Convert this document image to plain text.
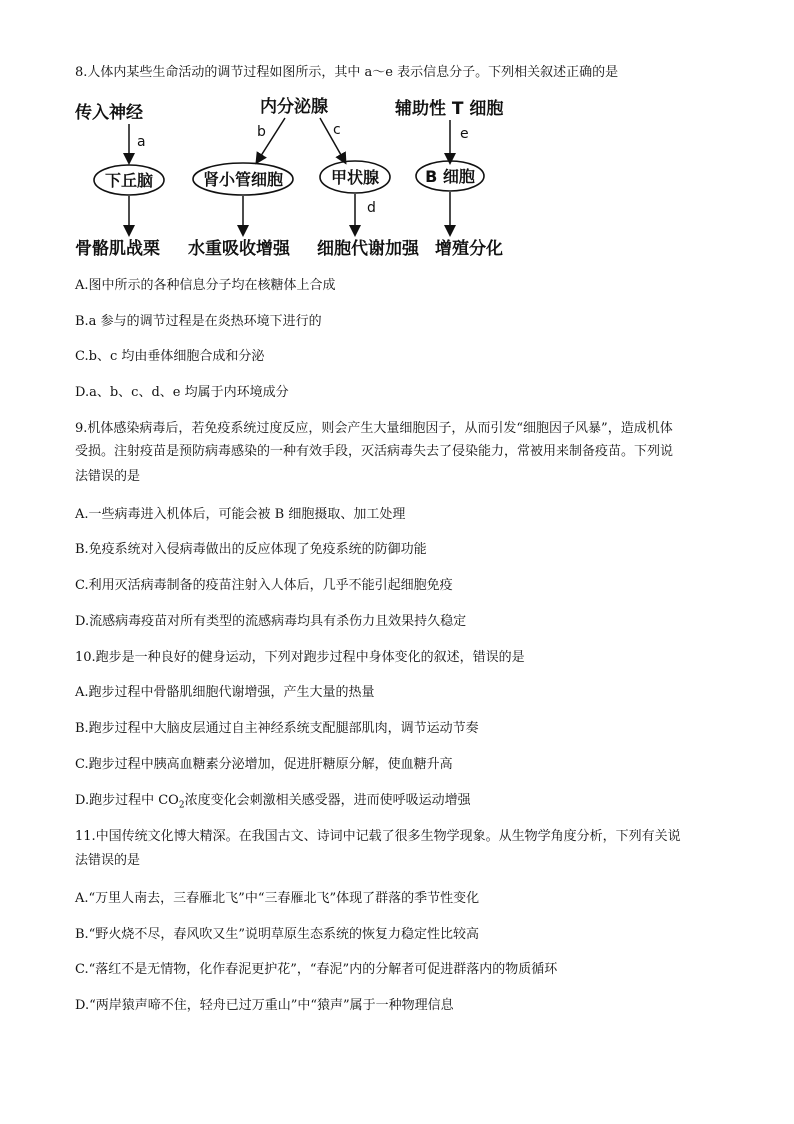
8.人体内某些生命活动的调节过程如图所示，其中 a～e 表示信息分子。下列相关叙述正确的是
传入神经	内分泌腺	辅助性 T 细胞
a
b	c	e
下丘脑	肾小管细胞	甲状腺	B 细胞
d
骨骼肌战栗 水重吸收增强 细胞代谢加强 增殖分化
A.图中所示的各种信息分子均在核糖体上合成
B.a 参与的调节过程是在炎热环境下进行的
C.b、c 均由垂体细胞合成和分泌
D.a、b、c、d、e 均属于内环境成分
9.机体感染病毒后，若免疫系统过度反应，则会产生大量细胞因子，从而引发“细胞因子风暴”，造成机体
受损。注射疫苗是预防病毒感染的一种有效手段，灭活病毒失去了侵染能力，常被用来制备疫苗。下列说
法错误的是
A.一些病毒进入机体后，可能会被 B 细胞摄取、加工处理
B.免疫系统对入侵病毒做出的反应体现了免疫系统的防御功能
C.利用灭活病毒制备的疫苗注射入人体后，几乎不能引起细胞免疫
D.流感病毒疫苗对所有类型的流感病毒均具有杀伤力且效果持久稳定
10.跑步是一种良好的健身运动，下列对跑步过程中身体变化的叙述，错误的是
A.跑步过程中骨骼肌细胞代谢增强，产生大量的热量
B.跑步过程中大脑皮层通过自主神经系统支配腿部肌肉，调节运动节奏
C.跑步过程中胰高血糖素分泌增加，促进肝糖原分解，使血糖升高
D.跑步过程中 $CO_2$浓度变化会刺激相关感受器，进而使呼吸运动增强
11.中国传统文化博大精深。在我国古文、诗词中记载了很多生物学现象。从生物学角度分析，下列有关说
法错误的是
A.“万里人南去，三春雁北飞”中“三春雁北飞”体现了群落的季节性变化
B.“野火烧不尽，春风吹又生”说明草原生态系统的恢复力稳定性比较高
C.“落红不是无情物，化作春泥更护花”，“春泥”内的分解者可促进群落内的物质循环
D.“两岸猿声啼不住，轻舟已过万重山”中“猿声”属于一种物理信息
